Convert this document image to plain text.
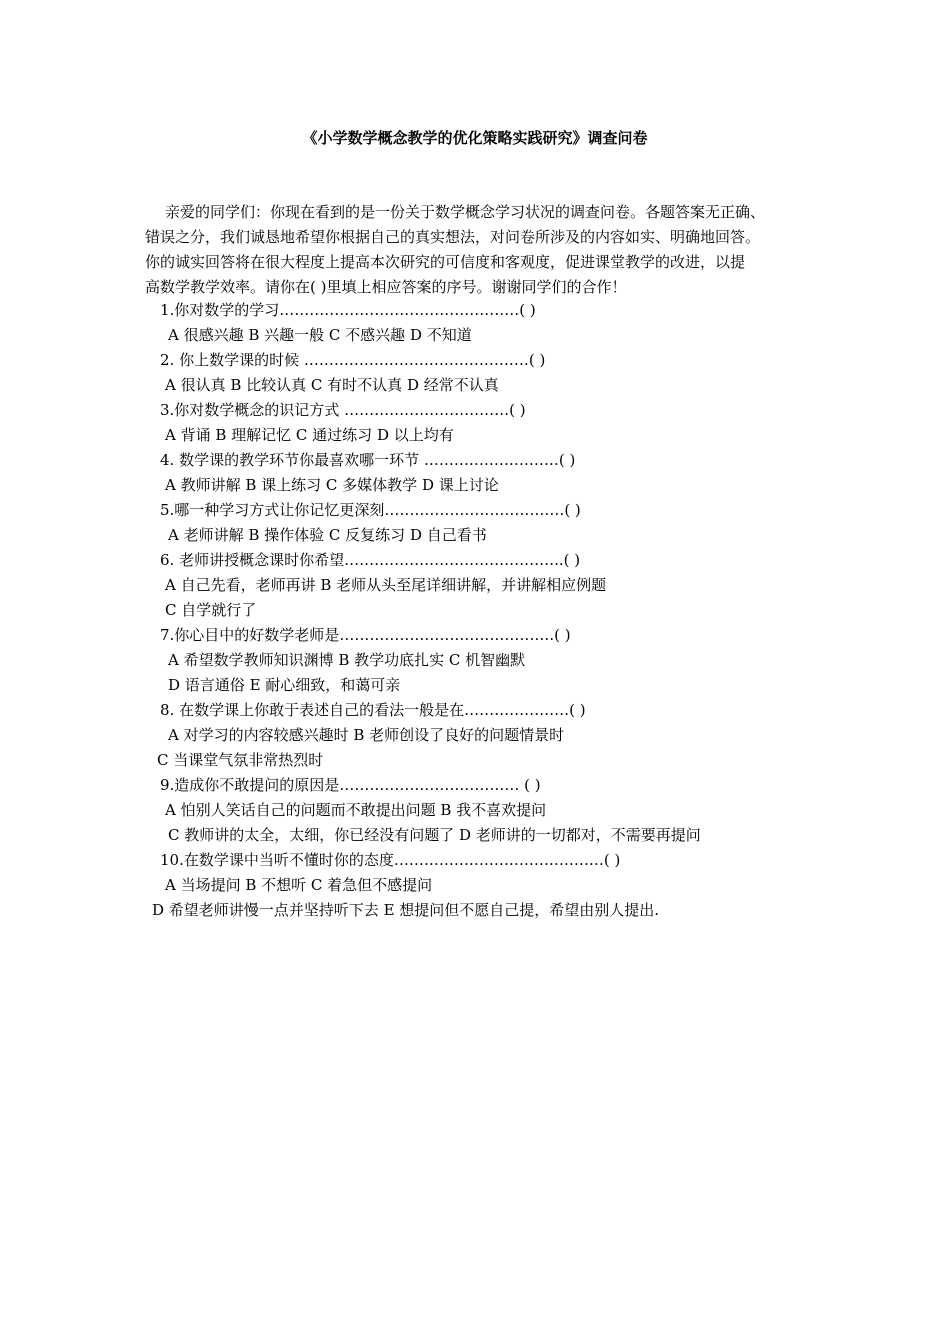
《小学数学概念教学的优化策略实践研究》调查问卷
亲爱的同学们：你现在看到的是一份关于数学概念学习状况的调查问卷。各题答案无正确、
错误之分，我们诚恳地希望你根据自己的真实想法，对问卷所涉及的内容如实、明确地回答。
你的诚实回答将在很大程度上提高本次研究的可信度和客观度，促进课堂教学的改进，以提
高数学教学效率。请你在( )里填上相应答案的序号。谢谢同学们的合作！
1.你对数学的学习…………………………………………( )
A 很感兴趣 B 兴趣一般 C 不感兴趣 D 不知道
2. 你上数学课的时候 ………………………………………( )
A 很认真 B 比较认真 C 有时不认真 D 经常不认真
3.你对数学概念的识记方式 ……………………………( )
A 背诵 B 理解记忆 C 通过练习 D 以上均有
4. 数学课的教学环节你最喜欢哪一环节 ………………………( )
A 教师讲解 B 课上练习 C 多媒体教学 D 课上讨论
5.哪一种学习方式让你记忆更深刻………………………………( )
A 老师讲解 B 操作体验 C 反复练习 D 自己看书
6. 老师讲授概念课时你希望……………………………………..( )
A 自己先看，老师再讲 B 老师从头至尾详细讲解，并讲解相应例题
C 自学就行了
7.你心目中的好数学老师是…………………………………….( )
A 希望数学教师知识渊博 B 教学功底扎实 C 机智幽默
D 语言通俗 E 耐心细致，和蔼可亲
8. 在数学课上你敢于表述自己的看法一般是在…………………( )
A 对学习的内容较感兴趣时 B 老师创设了良好的问题情景时
C 当课堂气氛非常热烈时
9.造成你不敢提问的原因是……………………………… ( )
A 怕别人笑话自己的问题而不敢提出问题 B 我不喜欢提问
C 教师讲的太全，太细，你已经没有问题了 D 老师讲的一切都对，不需要再提问
10.在数学课中当听不懂时你的态度……………………………………( )
A 当场提问 B 不想听 C 着急但不感提问
D 希望老师讲慢一点并坚持听下去 E 想提问但不愿自己提，希望由别人提出.
